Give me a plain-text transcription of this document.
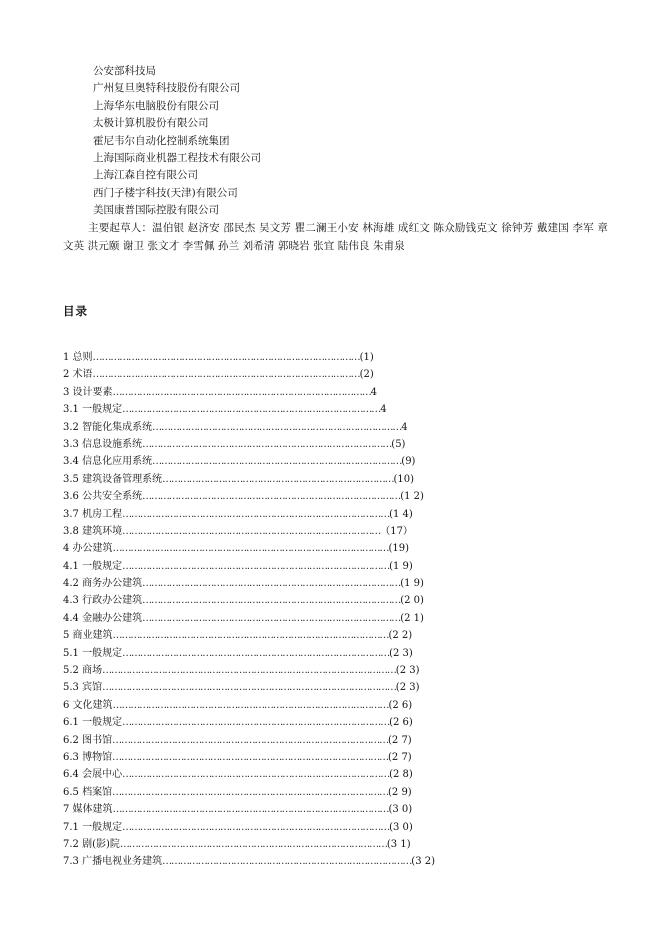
公安部科技局
广州复旦奥特科技股份有限公司
上海华东电脑股份有限公司
太极计算机股份有限公司
霍尼韦尔自动化控制系统集团
上海国际商业机器工程技术有限公司
上海江森自控有限公司
西门子楼宇科技(天津)有限公司
美国康普国际控股有限公司

主要起草人：温伯银 赵济安 邵民杰 吴文芳 瞿二澜王小安 林海雄 成红文 陈众励钱克文 徐钟芳 戴建国 李军 章文英 洪元颐 谢卫 张文才 李雪佩 孙兰 刘希清 郭晓岩 张宜 陆伟良 朱甫泉

目录
1 总则………………………………………………………………………………(1)
2 术语………………………………………………………………………………(2)
3 设计要素……………………………………………………………………………4
3.1 一般规定……………………………………………………………………………4
3.2 智能化集成系统…………………………………………………………………………4
3.3 信息设施系统…………………………………………………………………………(5)
3.4 信息化应用系统…………………………………………………………………………(9)
3.5 建筑设备管理系统……………………………………………………………………(10)
3.6 公共安全系统……………………………………………………………………………(1 2)
3.7 机房工程………………………………………………………………………………(1 4)
3.8 建筑环境……………………………………………………………………………（17）
4 办公建筑…………………………………………………………………………………(19)
4.1 一般规定………………………………………………………………………………(1 9)
4.2 商务办公建筑……………………………………………………………………………(1 9)
4.3 行政办公建筑……………………………………………………………………………(2 0)
4.4 金融办公建筑……………………………………………………………………………(2 1)
5 商业建筑…………………………………………………………………………………(2 2)
5.1 一般规定………………………………………………………………………………(2 3)
5.2 商场………………………………………………………………………………………(2 3)
5.3 宾馆………………………………………………………………………………………(2 3)
6 文化建筑…………………………………………………………………………………(2 6)
6.1 一般规定………………………………………………………………………………(2 6)
6.2 图书馆…………………………………………………………………………………(2 7)
6.3 博物馆…………………………………………………………………………………(2 7)
6.4 会展中心………………………………………………………………………………(2 8)
6.5 档案馆…………………………………………………………………………………(2 9)
7 媒体建筑…………………………………………………………………………………(3 0)
7.1 一般规定………………………………………………………………………………(3 0)
7.2 剧(影)院………………………………………………………………………………(3 1)
7.3 广播电视业务建筑…………………………………………………………………………(3 2)
